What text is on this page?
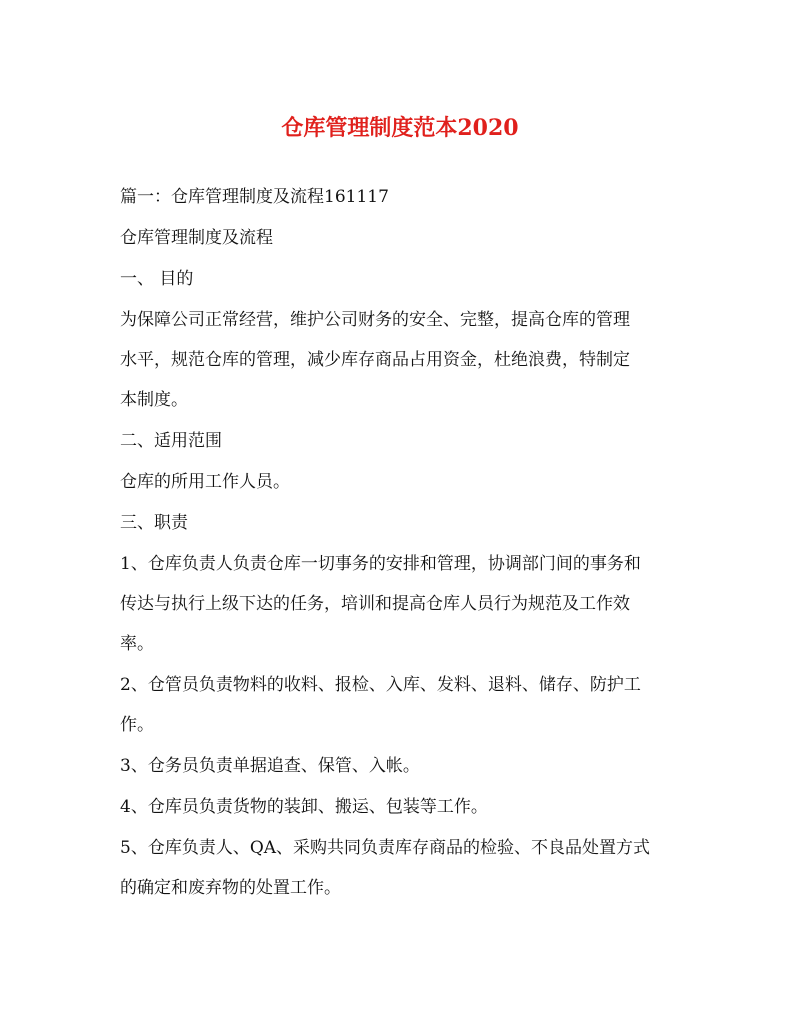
仓库管理制度范本2020
篇一：仓库管理制度及流程161117
仓库管理制度及流程
一、 目的
为保障公司正常经营，维护公司财务的安全、完整，提高仓库的管理
水平，规范仓库的管理，减少库存商品占用资金，杜绝浪费，特制定
本制度。
二、适用范围
仓库的所用工作人员。
三、职责
1、仓库负责人负责仓库一切事务的安排和管理，协调部门间的事务和
传达与执行上级下达的任务，培训和提高仓库人员行为规范及工作效
率。
2、仓管员负责物料的收料、报检、入库、发料、退料、储存、防护工
作。
3、仓务员负责单据追查、保管、入帐。
4、仓库员负责货物的装卸、搬运、包装等工作。
5、仓库负责人、QA、采购共同负责库存商品的检验、不良品处置方式
的确定和废弃物的处置工作。
